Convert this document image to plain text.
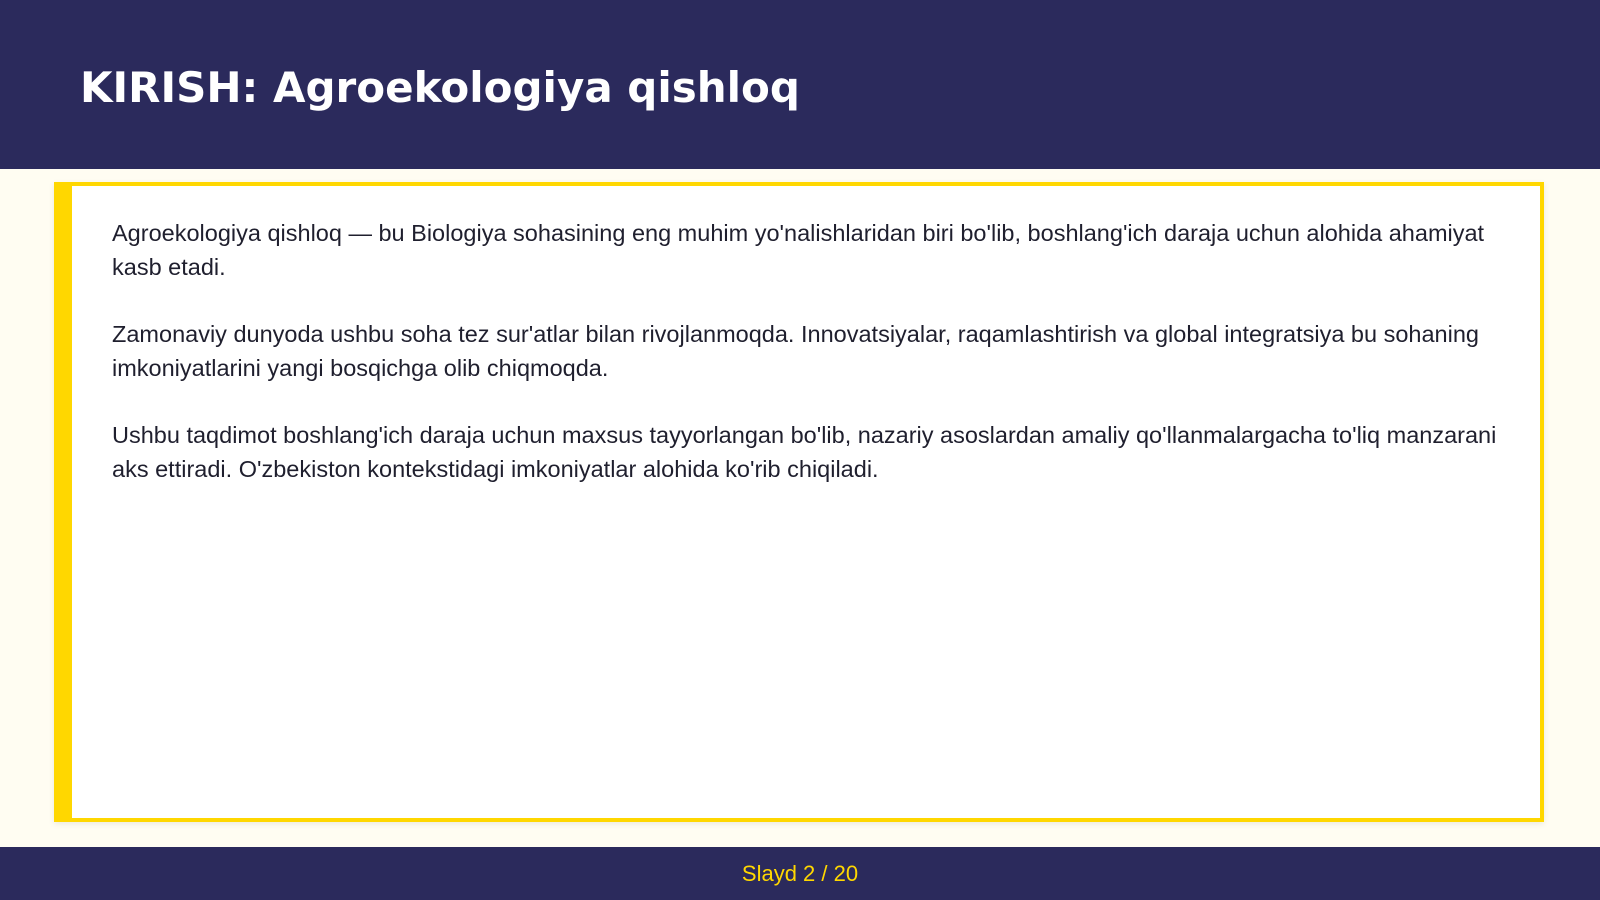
KIRISH: Agroekologiya qishloq

Agroekologiya qishloq — bu Biologiya sohasining eng muhim yo'nalishlaridan biri bo'lib, boshlang'ich daraja uchun alohida ahamiyat kasb etadi.

Zamonaviy dunyoda ushbu soha tez sur'atlar bilan rivojlanmoqda. Innovatsiyalar, raqamlashtirish va global integratsiya bu sohaning imkoniyatlarini yangi bosqichga olib chiqmoqda.

Ushbu taqdimot boshlang'ich daraja uchun maxsus tayyorlangan bo'lib, nazariy asoslardan amaliy qo'llanmalargacha to'liq manzarani aks ettiradi. O'zbekiston kontekstidagi imkoniyatlar alohida ko'rib chiqiladi.

Slayd 2 / 20
